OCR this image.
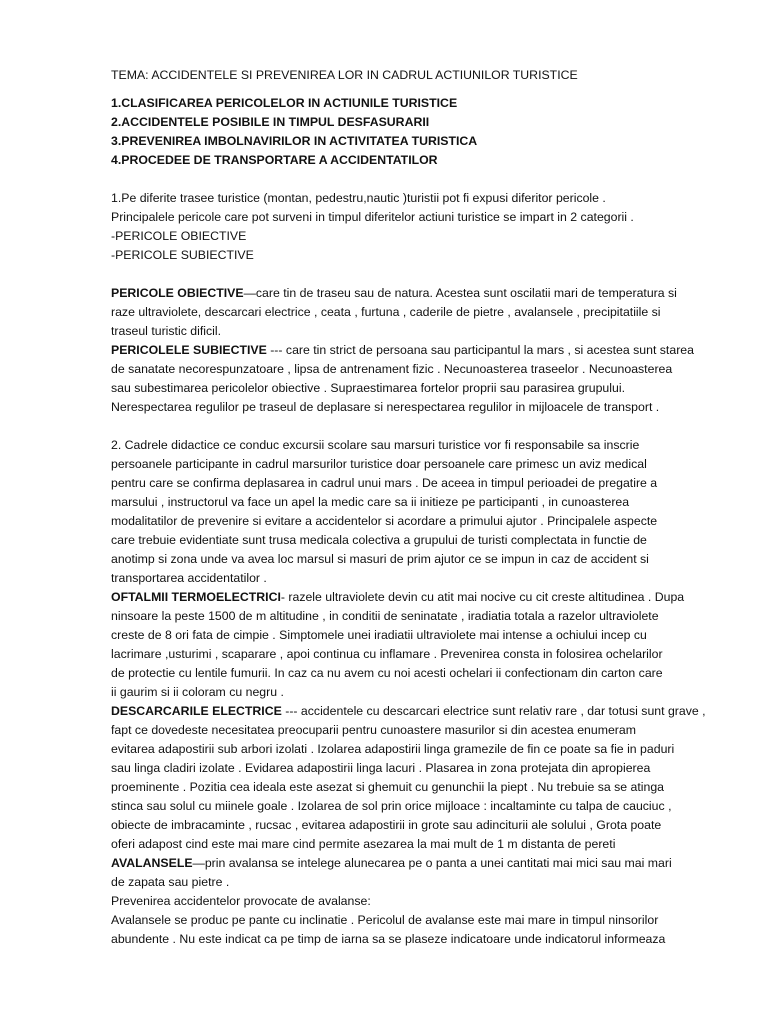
TEMA: ACCIDENTELE SI PREVENIREA LOR IN CADRUL ACTIUNILOR TURISTICE
1.CLASIFICAREA PERICOLELOR IN ACTIUNILE TURISTICE
2.ACCIDENTELE POSIBILE IN TIMPUL DESFASURARII
3.PREVENIREA IMBOLNAVIRILOR IN ACTIVITATEA TURISTICA
4.PROCEDEE DE TRANSPORTARE A ACCIDENTATILOR
1.Pe diferite trasee turistice (montan, pedestru,nautic )turistii pot fi expusi diferitor pericole .
Principalele pericole care pot surveni in timpul diferitelor actiuni turistice se impart in 2 categorii .
-PERICOLE OBIECTIVE
-PERICOLE SUBIECTIVE
PERICOLE OBIECTIVE—care tin de traseu sau de natura. Acestea sunt oscilatii mari de temperatura si
raze ultraviolete, descarcari electrice , ceata , furtuna , caderile de pietre , avalansele , precipitatiile si
traseul turistic dificil.
PERICOLELE SUBIECTIVE --- care tin strict de persoana sau participantul la mars , si acestea sunt starea
de sanatate necorespunzatoare , lipsa de antrenament fizic . Necunoasterea traseelor . Necunoasterea
sau subestimarea pericolelor obiective . Supraestimarea fortelor proprii sau parasirea grupului.
Nerespectarea regulilor pe traseul de deplasare si nerespectarea regulilor in mijloacele de transport .
2. Cadrele didactice ce conduc excursii scolare sau marsuri turistice vor fi responsabile sa inscrie
persoanele participante in cadrul marsurilor turistice doar persoanele care primesc un aviz medical
pentru care se confirma deplasarea in cadrul unui mars . De aceea in timpul perioadei de pregatire a
marsului , instructorul va face un apel la medic care sa ii initieze pe participanti , in cunoasterea
modalitatilor de prevenire si evitare a accidentelor si acordare a primului ajutor . Principalele aspecte
care trebuie evidentiate sunt trusa medicala colectiva a grupului de turisti complectata in functie de
anotimp si zona unde va avea loc marsul si masuri de prim ajutor ce se impun in caz de accident si
transportarea accidentatilor .
OFTALMII TERMOELECTRICI- razele ultraviolete devin cu atit mai nocive cu cit creste altitudinea . Dupa
ninsoare la peste 1500 de m altitudine , in conditii de seninatate , iradiatia totala a razelor ultraviolete
creste de 8 ori fata de cimpie . Simptomele unei iradiatii ultraviolete mai intense a ochiului incep cu
lacrimare ,usturimi , scaparare , apoi continua cu inflamare . Prevenirea consta in folosirea ochelarilor
de protectie cu lentile fumurii. In caz ca nu avem cu noi acesti ochelari ii confectionam din carton care
ii gaurim si ii coloram cu negru .
DESCARCARILE ELECTRICE --- accidentele cu descarcari electrice sunt relativ rare , dar totusi sunt grave ,
fapt ce dovedeste necesitatea preocuparii pentru cunoastere masurilor si din acestea enumeram
evitarea adapostirii sub arbori izolati . Izolarea adapostirii linga gramezile de fin ce poate sa fie in paduri
sau linga cladiri izolate . Evidarea adapostirii linga lacuri . Plasarea in zona protejata din apropierea
proeminente . Pozitia cea ideala este asezat si ghemuit cu genunchii la piept . Nu trebuie sa se atinga
stinca sau solul cu miinele goale . Izolarea de sol prin orice mijloace : incaltaminte cu talpa de cauciuc ,
obiecte de imbracaminte , rucsac , evitarea adapostirii in grote sau adinciturii ale solului , Grota poate
oferi adapost cind este mai mare cind permite asezarea la mai mult de 1 m distanta de pereti
AVALANSELE—prin avalansa se intelege alunecarea pe o panta a unei cantitati mai mici sau mai mari
de zapata sau pietre .
Prevenirea accidentelor provocate de avalanse:
Avalansele se produc pe pante cu inclinatie . Pericolul de avalanse este mai mare in timpul ninsorilor
abundente . Nu este indicat ca pe timp de iarna sa se plaseze indicatoare unde indicatorul informeaza
